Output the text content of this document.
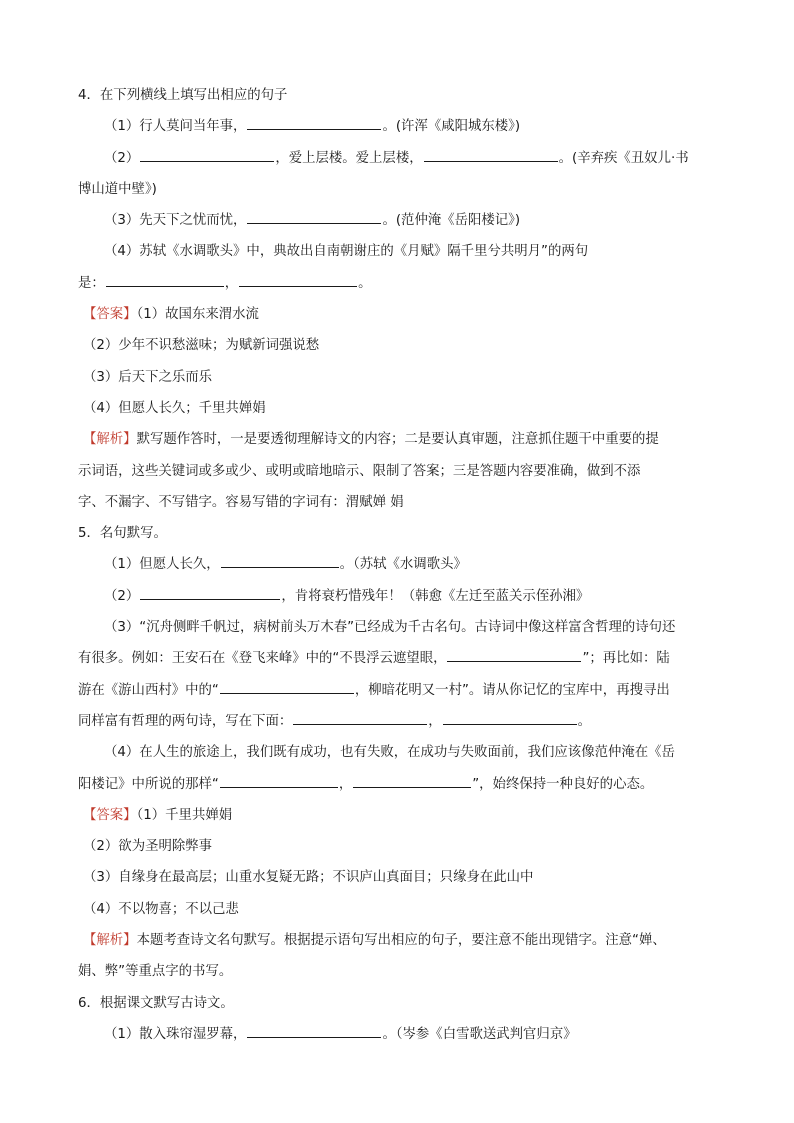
4．在下列横线上填写出相应的句子
（1）行人莫问当年事，	。(许浑《咸阳城东楼》)
（2）	，爱上层楼。爱上层楼，	。(辛弃疾《丑奴儿·书
博山道中壁》)
（3）先天下之忧而忧，	。(范仲淹《岳阳楼记》)
（4）苏轼《水调歌头》中，典故出自南朝谢庄的《月赋》隔千里兮共明月”的两句
是：	，	。
【答案】（1）故国东来渭水流
（2）少年不识愁滋味；为赋新词强说愁
（3）后天下之乐而乐
（4）但愿人长久；千里共婵娟
【解析】默写题作答时，一是要透彻理解诗文的内容；二是要认真审题，注意抓住题干中重要的提
示词语，这些关键词或多或少、或明或暗地暗示、限制了答案；三是答题内容要准确，做到不添
字、不漏字、不写错字。容易写错的字词有：渭赋婵 娟
5．名句默写。
（1）但愿人长久，	。（苏轼《水调歌头》
（2）	，肯将衰朽惜残年！（韩愈《左迁至蓝关示侄孙湘》
（3）“沉舟侧畔千帆过，病树前头万木春”已经成为千古名句。古诗词中像这样富含哲理的诗句还
有很多。例如：王安石在《登飞来峰》中的“不畏浮云遮望眼，	”；再比如：陆
游在《游山西村》中的“	，柳暗花明又一村”。请从你记忆的宝库中，再搜寻出
同样富有哲理的两句诗，写在下面：	，	。
（4）在人生的旅途上，我们既有成功，也有失败，在成功与失败面前，我们应该像范仲淹在《岳
阳楼记》中所说的那样“	，	”，始终保持一种良好的心态。
【答案】（1）千里共婵娟
（2）欲为圣明除弊事
（3）自缘身在最高层；山重水复疑无路；不识庐山真面目；只缘身在此山中
（4）不以物喜；不以己悲
【解析】本题考查诗文名句默写。根据提示语句写出相应的句子，要注意不能出现错字。注意“婵、
娟、弊”等重点字的书写。
6．根据课文默写古诗文。
（1）散入珠帘湿罗幕，	。（岑参《白雪歌送武判官归京》
